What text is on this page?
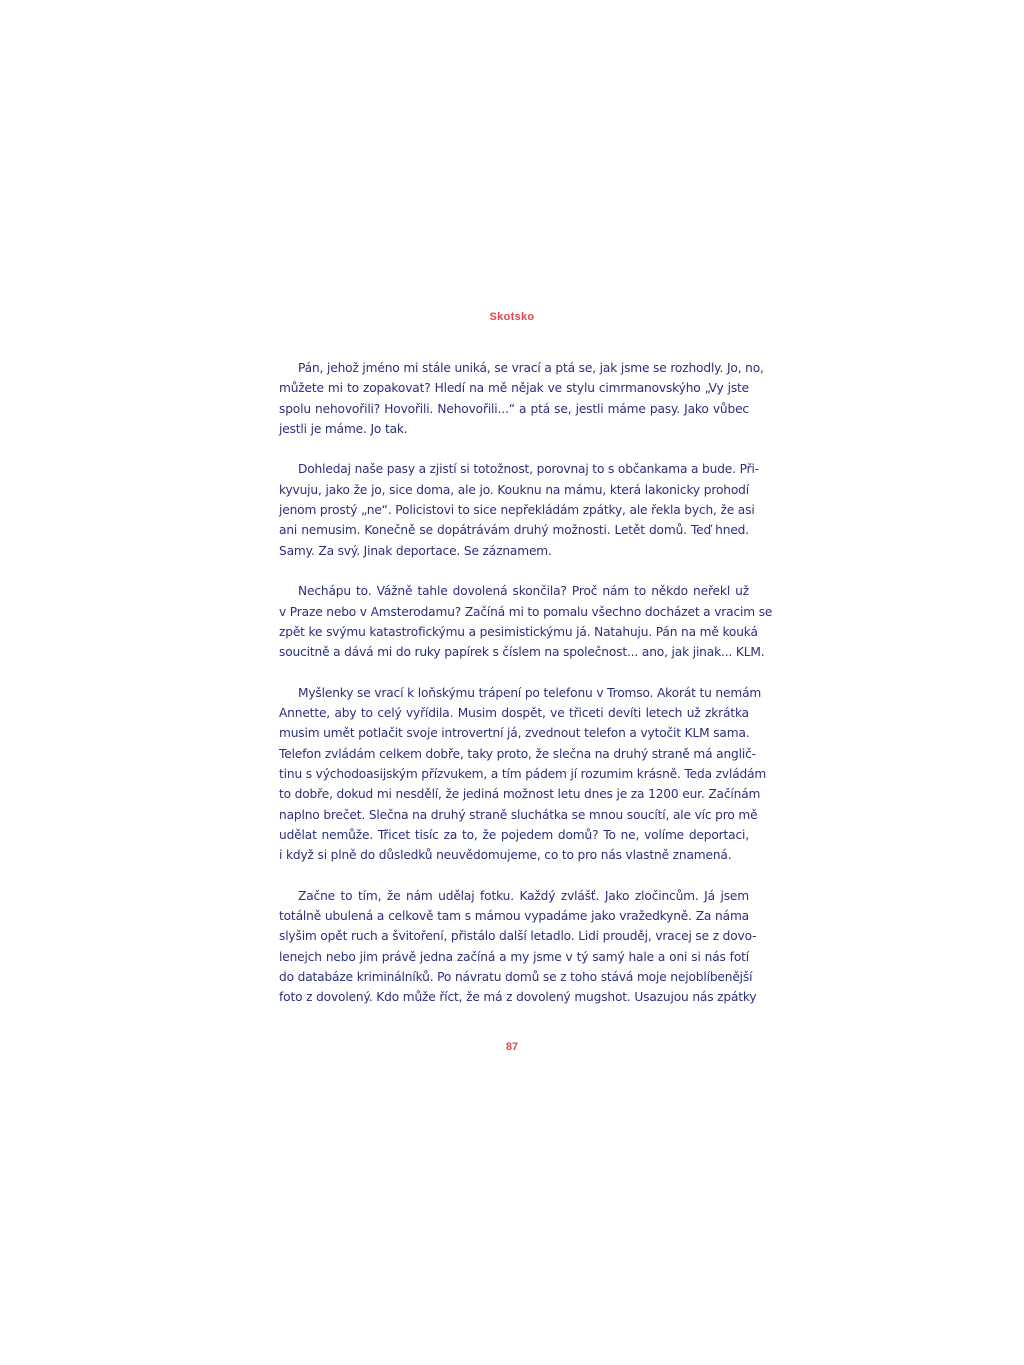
Skotsko
Pán, jehož jméno mi stále uniká, se vrací a ptá se, jak jsme se rozhodly. Jo, no,
můžete mi to zopakovat? Hledí na mě nějak ve stylu cimrmanovskýho „Vy jste
spolu nehovořili? Hovořili. Nehovořili...“ a ptá se, jestli máme pasy. Jako vůbec
jestli je máme. Jo tak.
Dohledaj naše pasy a zjistí si totožnost, porovnaj to s občankama a bude. Při-
kyvuju, jako že jo, sice doma, ale jo. Kouknu na mámu, která lakonicky prohodí
jenom prostý „ne“. Policistovi to sice nepřekládám zpátky, ale řekla bych, že asi
ani nemusim. Konečně se dopátrávám druhý možnosti. Letět domů. Teď hned.
Samy. Za svý. Jinak deportace. Se záznamem.
Nechápu to. Vážně tahle dovolená skončila? Proč nám to někdo neřekl už
v Praze nebo v Amsterodamu? Začíná mi to pomalu všechno docházet a vracim se
zpět ke svýmu katastrofickýmu a pesimistickýmu já. Natahuju. Pán na mě kouká
soucitně a dává mi do ruky papírek s číslem na společnost... ano, jak jinak... KLM.
Myšlenky se vrací k loňskýmu trápení po telefonu v Tromso. Akorát tu nemám
Annette, aby to celý vyřídila. Musim dospět, ve třiceti devíti letech už zkrátka
musim umět potlačit svoje introvertní já, zvednout telefon a vytočit KLM sama.
Telefon zvládám celkem dobře, taky proto, že slečna na druhý straně má anglič-
tinu s východoasijským přízvukem, a tím pádem jí rozumim krásně. Teda zvládám
to dobře, dokud mi nesdělí, že jediná možnost letu dnes je za 1200 eur. Začínám
naplno brečet. Slečna na druhý straně sluchátka se mnou soucítí, ale víc pro mě
udělat nemůže. Třicet tisíc za to, že pojedem domů? To ne, volíme deportaci,
i když si plně do důsledků neuvědomujeme, co to pro nás vlastně znamená.
Začne to tím, že nám udělaj fotku. Každý zvlášť. Jako zločincům. Já jsem
totálně ubulená a celkově tam s mámou vypadáme jako vražedkyně. Za náma
slyšim opět ruch a švitoření, přistálo další letadlo. Lidi prouděj, vracej se z dovo-
lenejch nebo jim právě jedna začíná a my jsme v tý samý hale a oni si nás fotí
do databáze kriminálníků. Po návratu domů se z toho stává moje nejoblíbenější
foto z dovolený. Kdo může říct, že má z dovolený mugshot. Usazujou nás zpátky
87
